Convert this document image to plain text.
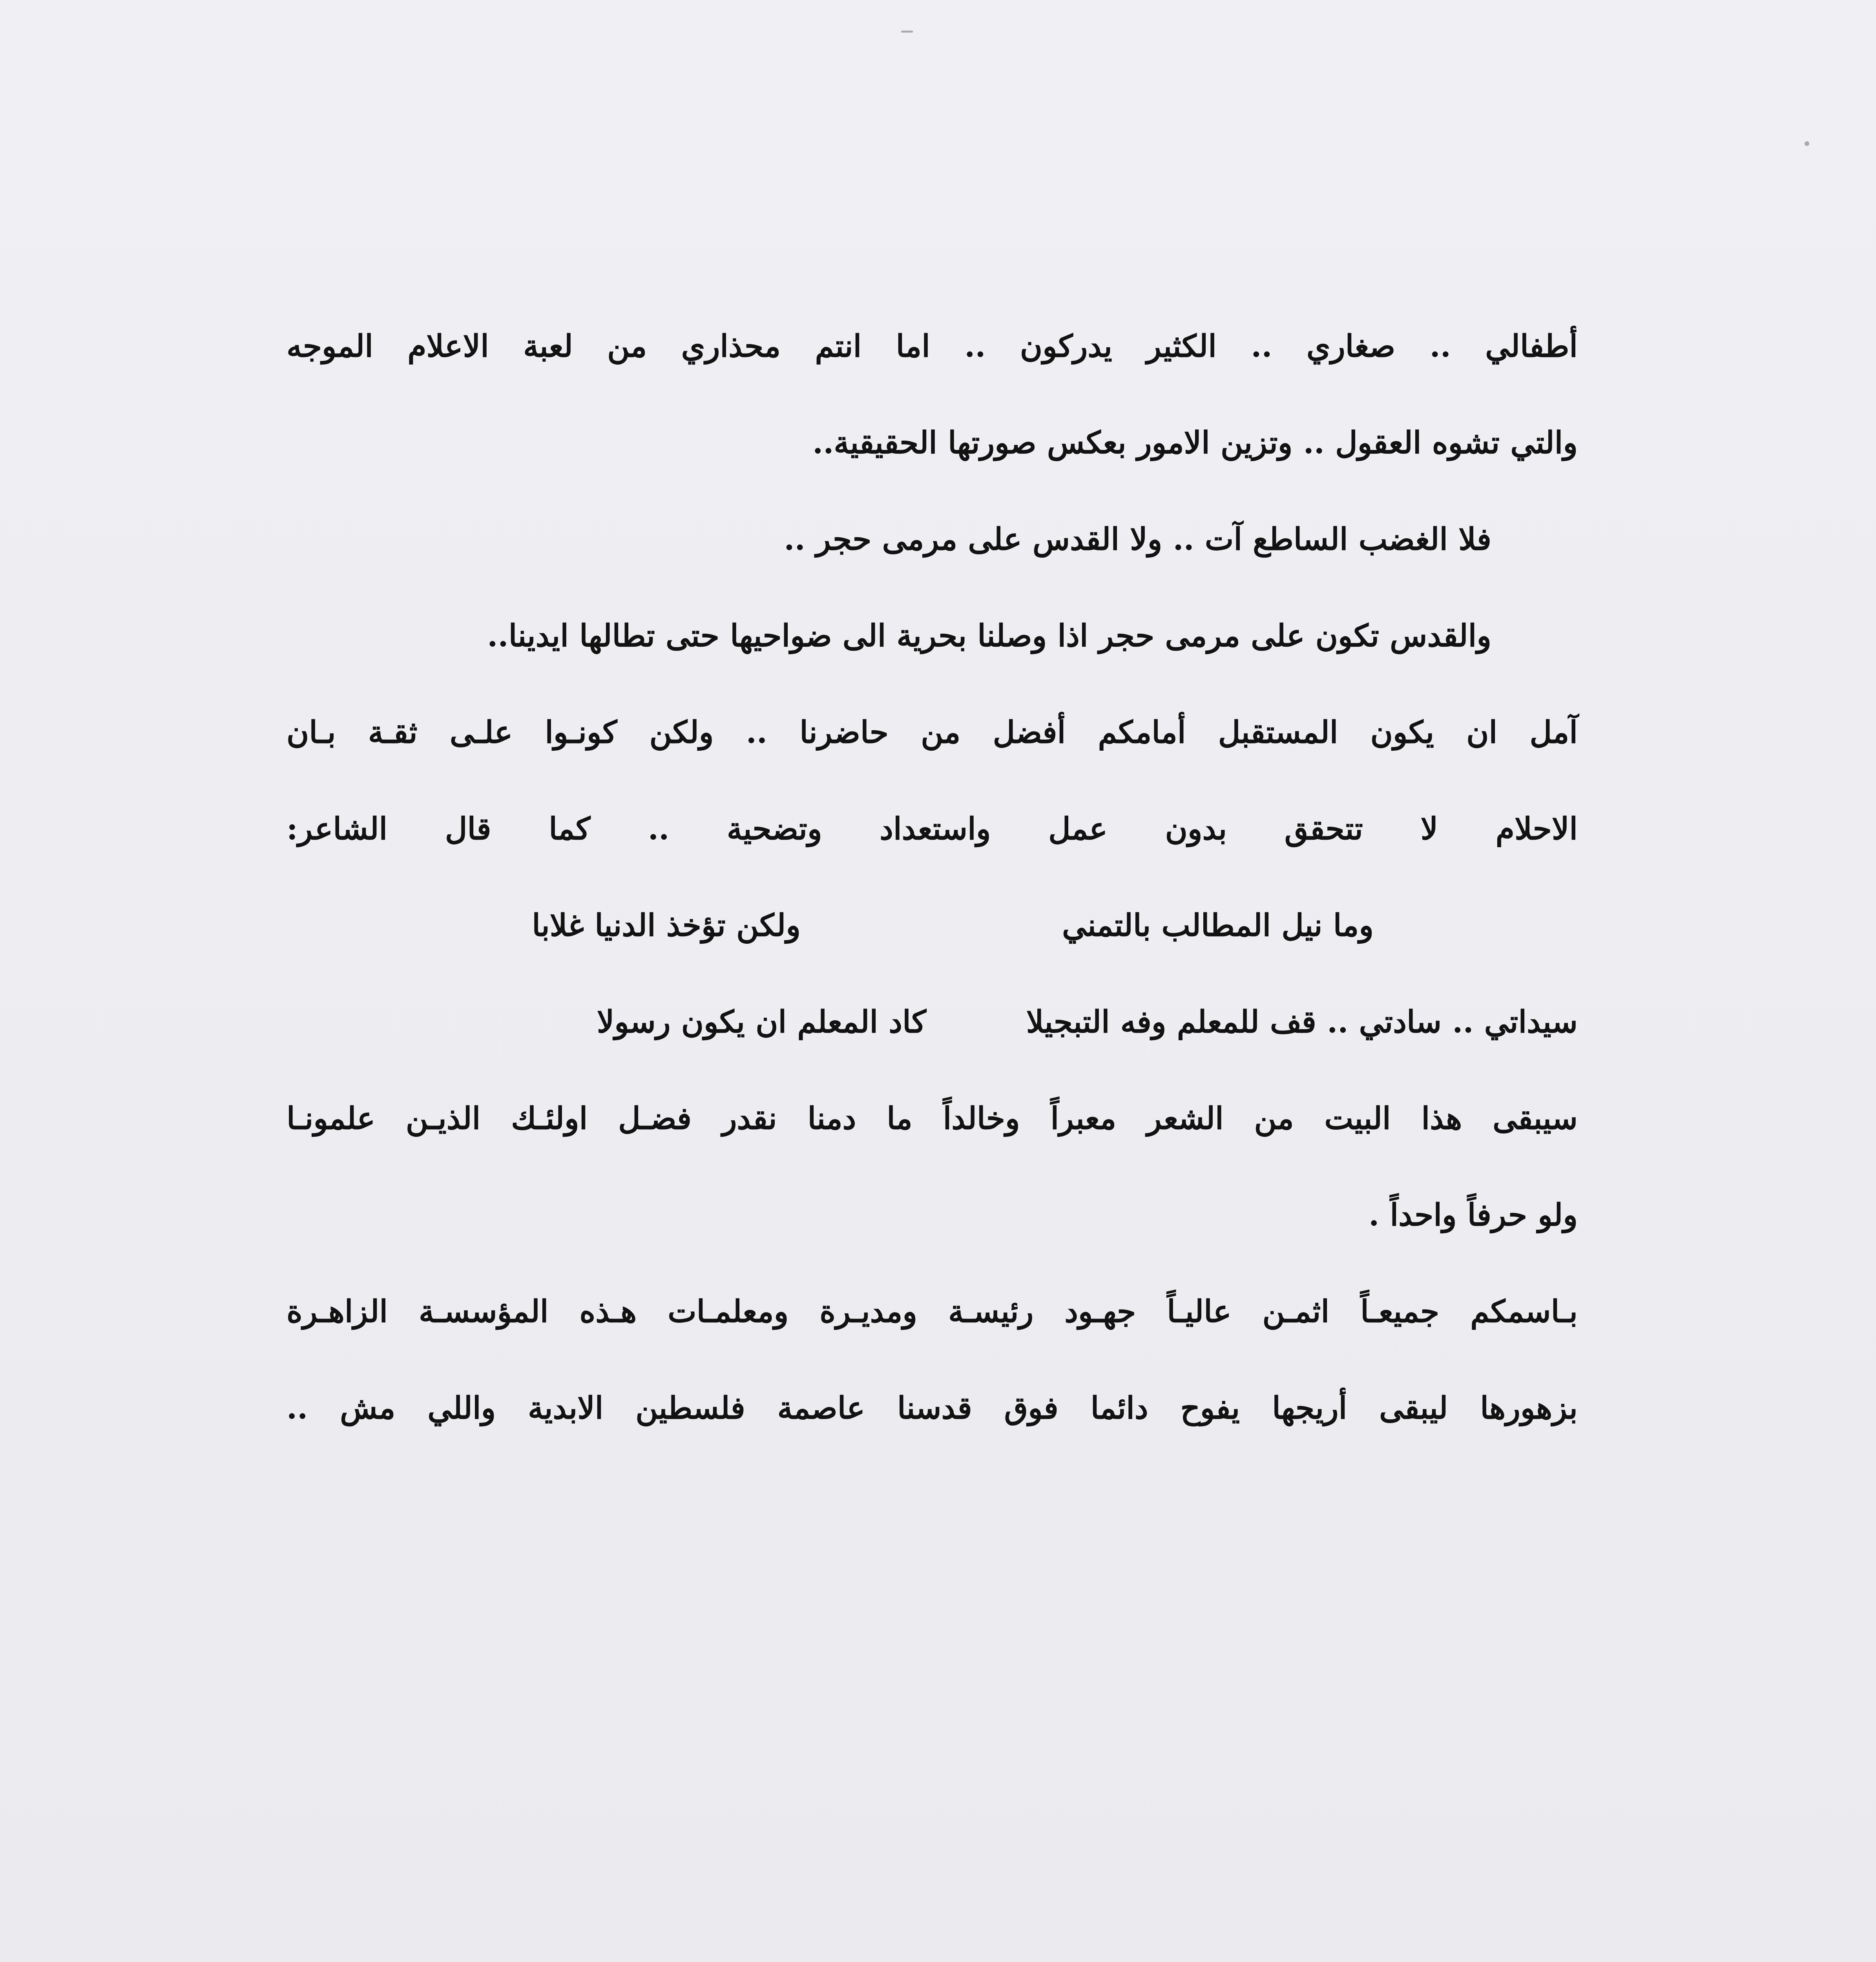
أطفالي .. صغاري .. الكثير يدركون .. اما انتم محذاري من لعبة الاعلام الموجه
والتي تشوه العقول .. وتزين الامور بعكس صورتها الحقيقية..
فلا الغضب الساطع آت .. ولا القدس على مرمى حجر ..
والقدس تكون على مرمى حجر اذا وصلنا بحرية الى ضواحيها حتى تطالها ايدينا..
آمل ان يكون المستقبل أمامكم أفضل من حاضرنا .. ولكن كونـوا علـى ثقـة بـان
الاحلام لا تتحقق بدون عمل واستعداد وتضحية .. كما قال الشاعر:
وما نيل المطالب بالتمني
ولكن تؤخذ الدنيا غلابا
سيداتي .. سادتي .. قف للمعلم وفه التبجيلا
كاد المعلم ان يكون رسولا
سيبقى هذا البيت من الشعر معبراً وخالداً ما دمنا نقدر فضـل اولئـك الذيـن علمونـا
ولو حرفاً واحداً .
بـاسمكم جميعـاً اثمـن عاليـاً جهـود رئيسـة ومديـرة ومعلمـات هـذه المؤسسـة الزاهـرة
بزهورها ليبقى أريجها يفوح دائما فوق قدسنا عاصمة فلسطين الابدية واللي مش ..
